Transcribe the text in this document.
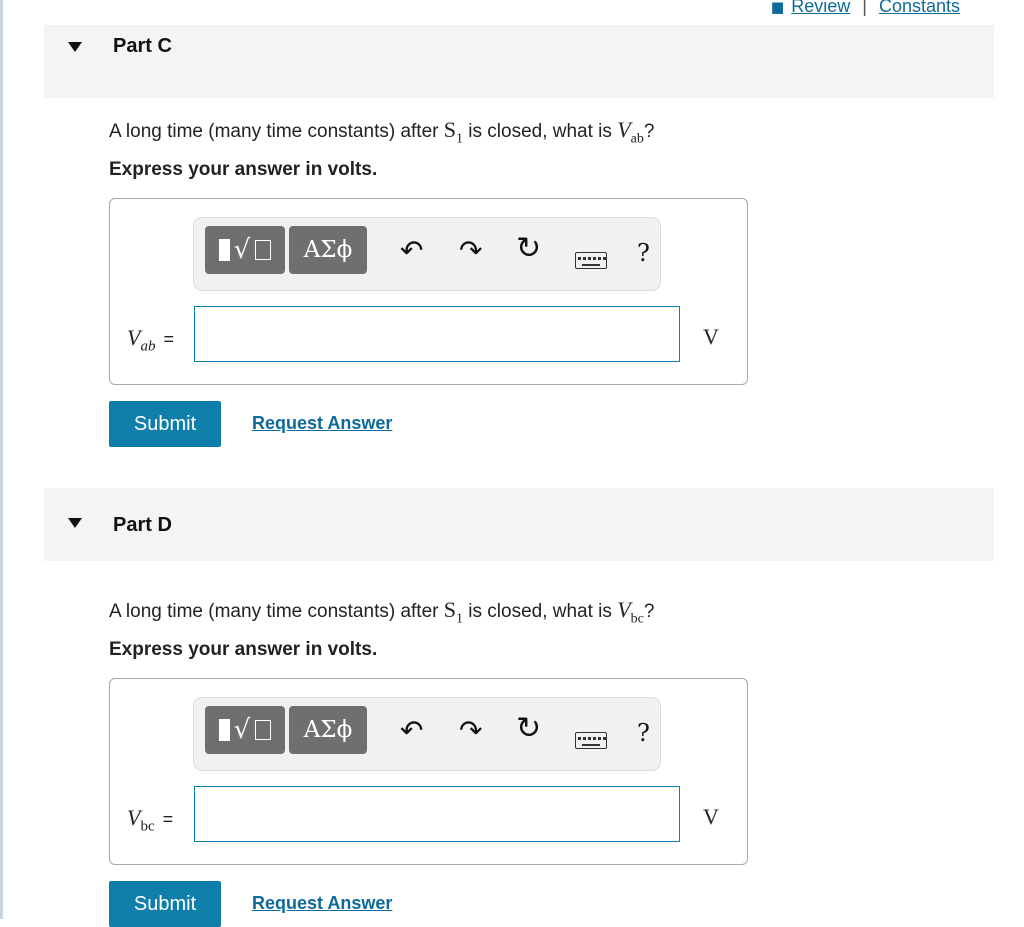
▮▮ Review | Constants
Part C
A long time (many time constants) after $S_1$ is closed, what is $V_{ab}$?
Express your answer in volts.
√	ΑΣϕ	↶ ↷ ↻	?
$V_{ab}$ =	V
Submit	Request Answer
Part D
A long time (many time constants) after $S_1$ is closed, what is $V_{bc}$?
Express your answer in volts.
√	ΑΣϕ	↶ ↷ ↻	?
$V_{bc}$ =	V
Submit	Request Answer
